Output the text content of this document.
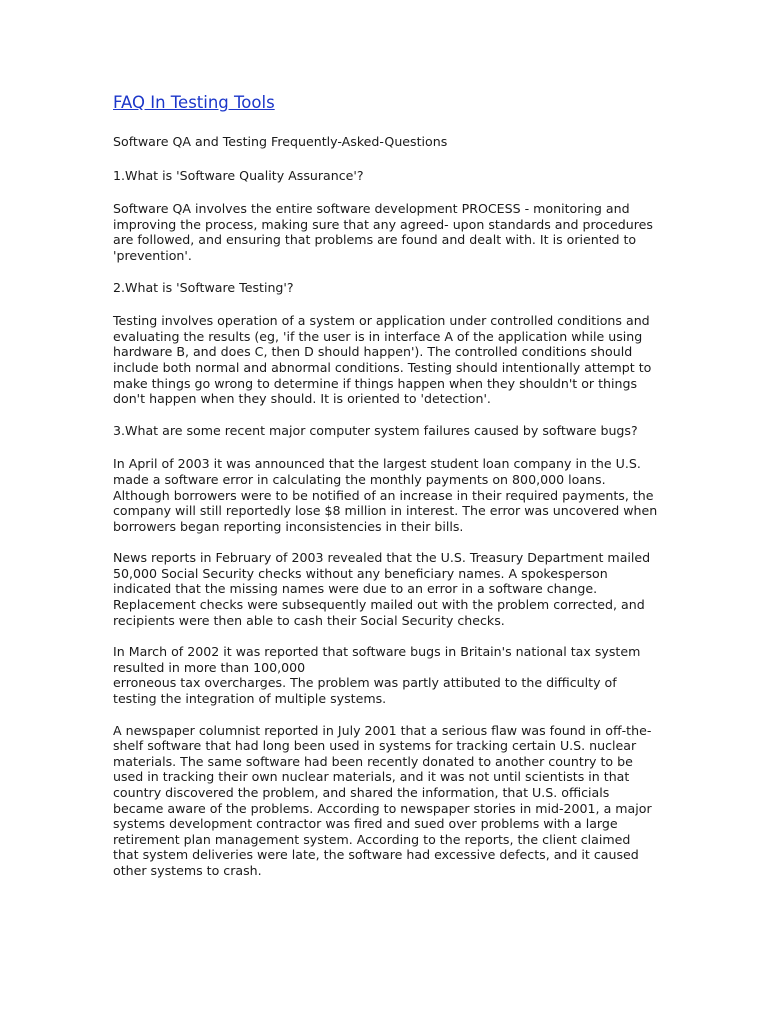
FAQ In Testing Tools
Software QA and Testing Frequently-Asked-Questions
1.What is 'Software Quality Assurance'?
Software QA involves the entire software development PROCESS - monitoring and improving the process, making sure that any agreed- upon standards and procedures are followed, and ensuring that problems are found and dealt with. It is oriented to 'prevention'.
2.What is 'Software Testing'?
Testing involves operation of a system or application under controlled conditions and evaluating the results (eg, 'if the user is in interface A of the application while using hardware B, and does C, then D should happen'). The controlled conditions should include both normal and abnormal conditions. Testing should intentionally attempt to make things go wrong to determine if things happen when they shouldn't or things don't happen when they should. It is oriented to 'detection'.
3.What are some recent major computer system failures caused by software bugs?
In April of 2003 it was announced that the largest student loan company in the U.S. made a software error in calculating the monthly payments on 800,000 loans. Although borrowers were to be notified of an increase in their required payments, the company will still reportedly lose $8 million in interest. The error was uncovered when borrowers began reporting inconsistencies in their bills.
News reports in February of 2003 revealed that the U.S. Treasury Department mailed 50,000 Social Security checks without any beneficiary names. A spokesperson indicated that the missing names were due to an error in a software change. Replacement checks were subsequently mailed out with the problem corrected, and recipients were then able to cash their Social Security checks.
In March of 2002 it was reported that software bugs in Britain's national tax system resulted in more than 100,000
erroneous tax overcharges. The problem was partly attibuted to the difficulty of testing the integration of multiple systems.
A newspaper columnist reported in July 2001 that a serious flaw was found in off-the-shelf software that had long been used in systems for tracking certain U.S. nuclear materials. The same software had been recently donated to another country to be used in tracking their own nuclear materials, and it was not until scientists in that country discovered the problem, and shared the information, that U.S. officials became aware of the problems. According to newspaper stories in mid-2001, a major systems development contractor was fired and sued over problems with a large retirement plan management system. According to the reports, the client claimed that system deliveries were late, the software had excessive defects, and it caused other systems to crash.
